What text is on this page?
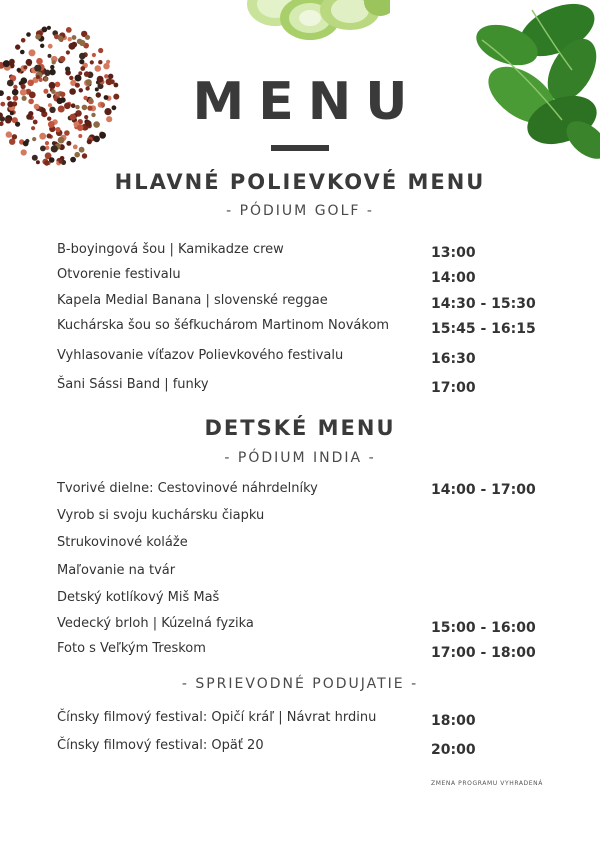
MENU
HLAVNÉ POLIEVKOVÉ MENU
- PÓDIUM GOLF -
B-boyingová šou | Kamikadze crew	13:00
Otvorenie festivalu	14:00
Kapela Medial Banana | slovenské reggae	14:30 - 15:30
Kuchárska šou so šéfkuchárom Martinom Novákom	15:45 - 16:15
Vyhlasovanie víťazov Polievkového festivalu	16:30
Šani Sássi Band | funky	17:00
DETSKÉ MENU
- PÓDIUM INDIA -
Tvorivé dielne: Cestovinové náhrdelníky	14:00 - 17:00
Vyrob si svoju kuchársku čiapku
Strukovinové koláže
Maľovanie na tvár
Detský kotlíkový Miš Maš
Vedecký brloh | Kúzelná fyzika	15:00 - 16:00
Foto s Veľkým Treskom	17:00 - 18:00
- SPRIEVODNÉ PODUJATIE -
Čínsky filmový festival: Opičí kráľ | Návrat hrdinu	18:00
Čínsky filmový festival: Opäť 20	20:00
ZMENA PROGRAMU VYHRADENÁ
